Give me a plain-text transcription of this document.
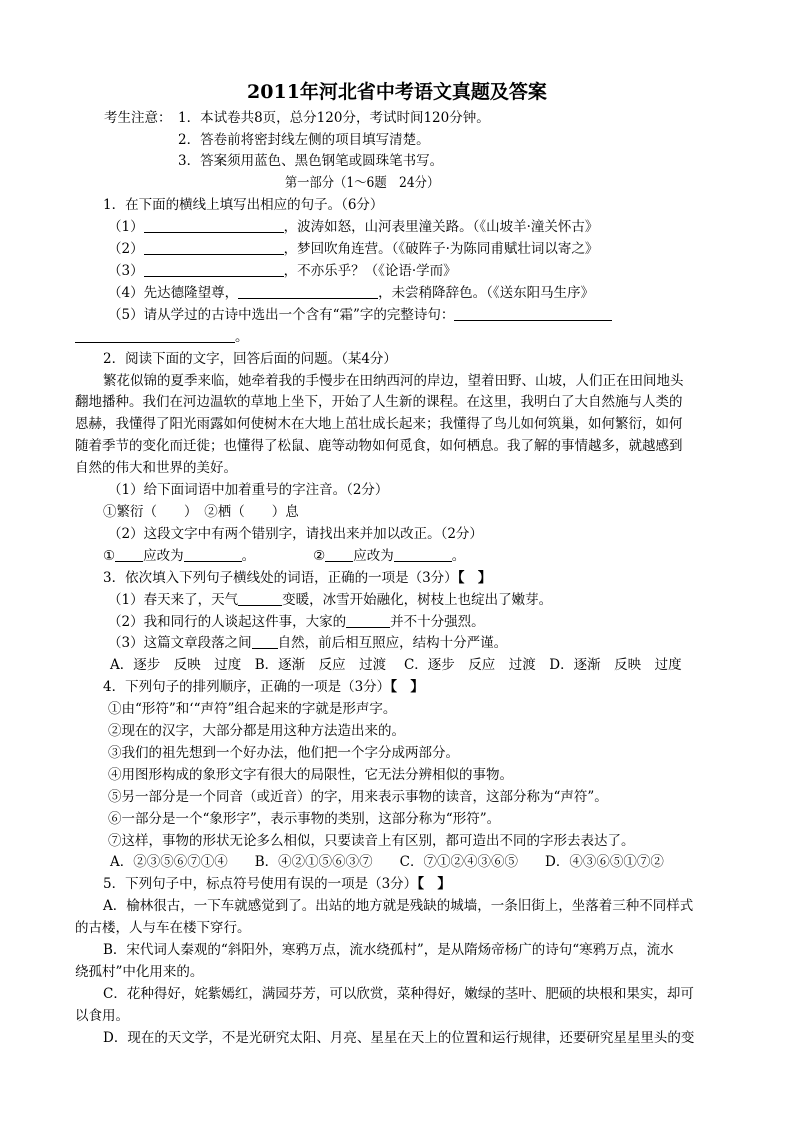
2011年河北省中考语文真题及答案
考生注意： 1．本试卷共8页，总分120分，考试时间120分钟。
2．答卷前将密封线左侧的项目填写清楚。
3．答案须用蓝色、黑色钢笔或圆珠笔书写。
第一部分（1～6题　24分）
1．在下面的横线上填写出相应的句子。（6分）
（1）	，波涛如怒，山河表里潼关路。（《山坡羊·潼关怀古》
（2）	，梦回吹角连营。（《破阵子·为陈同甫赋壮词以寄之》
（3）	，不亦乐乎？（《论语·学而》
（4）先达德隆望尊，	，未尝稍降辞色。（《送东阳马生序》
（5）请从学过的古诗中选出一个含有“霜”字的完整诗句：
。
2．阅读下面的文字，回答后面的问题。（某4分）
繁花似锦的夏季来临，她牵着我的手慢步在田纳西河的岸边，望着田野、山坡，人们正在田间地头
翻地播种。我们在河边温软的草地上坐下，开始了人生新的课程。在这里，我明白了大自然施与人类的
恩赫，我懂得了阳光雨露如何使树木在大地上茁壮成长起来；我懂得了鸟儿如何筑巢，如何繁衍，如何
随着季节的变化而迁徙；也懂得了松鼠、鹿等动物如何觅食，如何栖息。我了解的事情越多，就越感到
自然的伟大和世界的美好。
（1）给下面词语中加着重号的字注音。（2分）
①繁衍（　　）　②栖（　　）息
（2）这段文字中有两个错别字，请找出来并加以改正。（2分）
① 应改为	。	② 应改为	。
3．依次填入下列句子横线处的词语，正确的一项是（3分）【　】
（1）春天来了，天气	变暖，冰雪开始融化，树枝上也绽出了嫩芽。
（2）我和同行的人谈起这件事，大家的	并不十分强烈。
（3）这篇文章段落之间 自然，前后相互照应，结构十分严谨。
A．逐步　反映　过度　B．逐渐　反应　过渡　 C．逐步　反应　过渡　D．逐渐　反映　过度
4．下列句子的排列顺序，正确的一项是（3分）【　】
①由“形符”和‘“声符”组合起来的字就是形声字。
②现在的汉字，大部分都是用这种方法造出来的。
③我们的祖先想到一个好办法，他们把一个字分成两部分。
④用图形构成的象形文字有很大的局限性，它无法分辨相似的事物。
⑤另一部分是一个同音（或近音）的字，用来表示事物的读音，这部分称为“声符”。
⑥一部分是一个“象形字”，表示事物的类别，这部分称为“形符”。
⑦这样，事物的形状无论多么相似，只要读音上有区别，都可造出不同的字形去表达了。
A．②③⑤⑥⑦①④　　B．④②①⑤⑥③⑦　　C．⑦①②④③⑥⑤　　D．④③⑥⑤①⑦②
5．下列句子中，标点符号使用有误的一项是（3分）【　】
A．榆林很古，一下车就感觉到了。出站的地方就是残缺的城墙，一条旧街上，坐落着三种不同样式
的古楼，人与车在楼下穿行。
B．宋代词人秦观的“斜阳外，寒鸦万点，流水绕孤村”，是从隋炀帝杨广的诗句“寒鸦万点，流水
绕孤村”中化用来的。
C．花种得好，姹紫嫣红，满园芬芳，可以欣赏，菜种得好，嫩绿的茎叶、肥硕的块根和果实，却可
以食用。
D．现在的天文学，不是光研究太阳、月亮、星星在天上的位置和运行规律，还要研究星星里头的变
